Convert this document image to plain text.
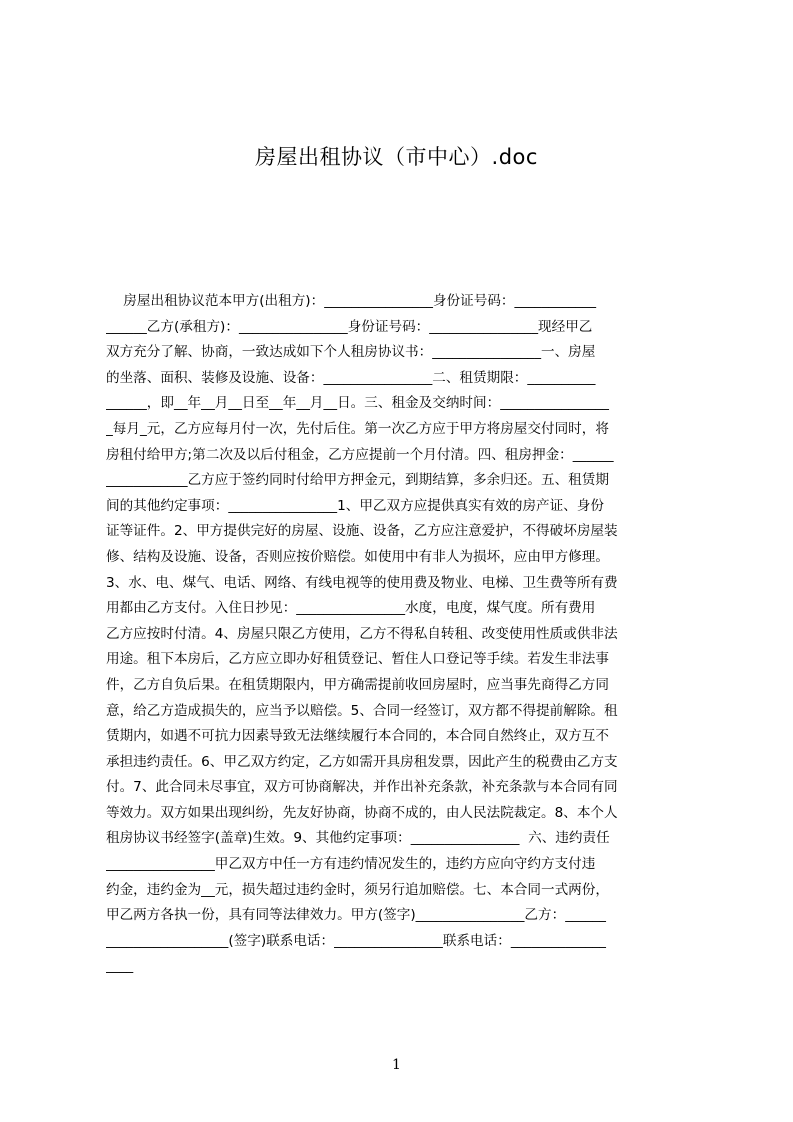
房屋出租协议（市中心）.doc
房屋出租协议范本甲方(出租方)：________________身份证号码：____________
______乙方(承租方)：________________身份证号码：________________现经甲乙
双方充分了解、协商，一致达成如下个人租房协议书：________________一、房屋
的坐落、面积、装修及设施、设备：________________二、租赁期限：__________
______，即__年__月__日至__年__月__日。三、租金及交纳时间：________________
_每月_元，乙方应每月付一次，先付后住。第一次乙方应于甲方将房屋交付同时，将
房租付给甲方;第二次及以后付租金，乙方应提前一个月付清。四、租房押金：______
____________乙方应于签约同时付给甲方押金元，到期结算，多余归还。五、租赁期
间的其他约定事项：________________1、甲乙双方应提供真实有效的房产证、身份
证等证件。2、甲方提供完好的房屋、设施、设备，乙方应注意爱护，不得破坏房屋装
修、结构及设施、设备，否则应按价赔偿。如使用中有非人为损坏，应由甲方修理。
3、水、电、煤气、电话、网络、有线电视等的使用费及物业、电梯、卫生费等所有费
用都由乙方支付。入住日抄见：________________水度，电度，煤气度。所有费用
乙方应按时付清。4、房屋只限乙方使用，乙方不得私自转租、改变使用性质或供非法
用途。租下本房后，乙方应立即办好租赁登记、暂住人口登记等手续。若发生非法事
件，乙方自负后果。在租赁期限内，甲方确需提前收回房屋时，应当事先商得乙方同
意，给乙方造成损失的，应当予以赔偿。5、合同一经签订，双方都不得提前解除。租
赁期内，如遇不可抗力因素导致无法继续履行本合同的，本合同自然终止，双方互不
承担违约责任。6、甲乙双方约定，乙方如需开具房租发票，因此产生的税费由乙方支
付。7、此合同未尽事宜，双方可协商解决，并作出补充条款，补充条款与本合同有同
等效力。双方如果出现纠纷，先友好协商，协商不成的，由人民法院裁定。8、本个人
租房协议书经签字(盖章)生效。9、其他约定事项：________________  六、违约责任
________________甲乙双方中任一方有违约情况发生的，违约方应向守约方支付违
约金，违约金为__元，损失超过违约金时，须另行追加赔偿。七、本合同一式两份，
甲乙两方各执一份，具有同等法律效力。甲方(签字)________________乙方：______
__________________(签字)联系电话：________________联系电话：______________
____
1
